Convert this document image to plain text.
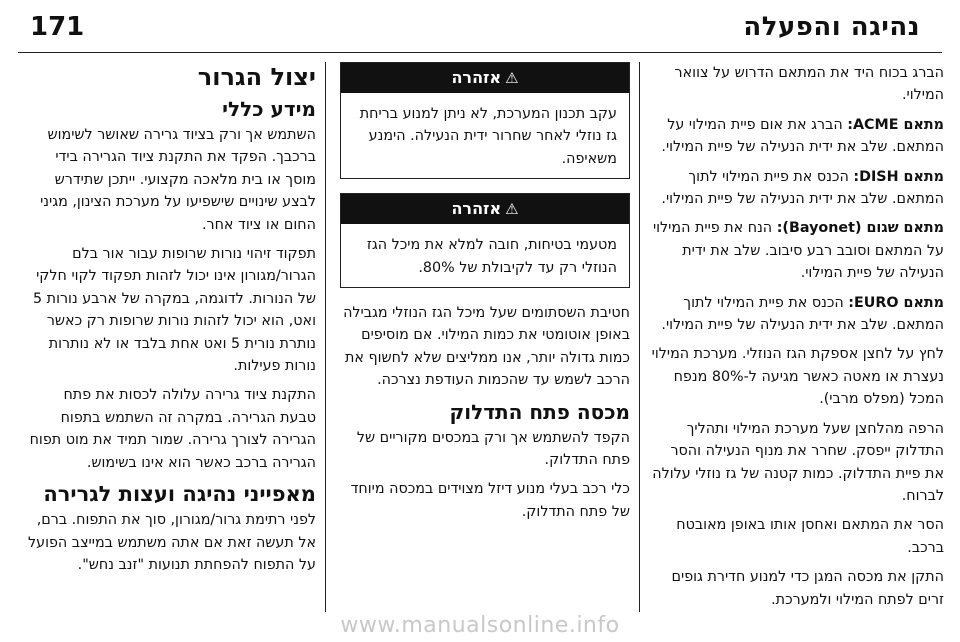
נהיגה והפעלה
171

הברג בכוח היד את המתאם הדרוש על צוואר המילוי.

מתאם ACME: הברג את אום פיית המילוי על המתאם. שלב את ידית הנעילה של פיית המילוי.

מתאם DISH: הכנס את פיית המילוי לתוך המתאם. שלב את ידית הנעילה של פיית המילוי.

מתאם שגום (Bayonet): הנח את פיית המילוי על המתאם וסובב רבע סיבוב. שלב את ידית הנעילה של פיית המילוי.

מתאם EURO: הכנס את פיית המילוי לתוך המתאם. שלב את ידית הנעילה של פיית המילוי.

לחץ על לחצן אספקת הגז הנוזלי. מערכת המילוי נעצרת או מאטה כאשר מגיעה ל-80% מנפח המכל (מפלס מרבי).

הרפה מהלחצן שעל מערכת המילוי ותהליך התדלוק ייפסק. שחרר את מנוף הנעילה והסר את פיית התדלוק. כמות קטנה של גז נוזלי עלולה לברוח.

הסר את המתאם ואחסן אותו באופן מאובטח ברכב.

התקן את מכסה המגן כדי למנוע חדירת גופים זרים לפתח המילוי ולמערכת.

⚠אזהרה
עקב תכנון המערכת, לא ניתן למנוע בריחת גז נוזלי לאחר שחרור ידית הנעילה. הימנע משאיפה.
⚠אזהרה
מטעמי בטיחות, חובה למלא את מיכל הגז הנוזלי רק עד לקיבולת של 80%.

חטיבת השסתומים שעל מיכל הגז הנוזלי מגבילה באופן אוטומטי את כמות המילוי. אם מוסיפים כמות גדולה יותר, אנו ממליצים שלא לחשוף את הרכב לשמש עד שהכמות העודפת נצרכה.

מכסה פתח התדלוק

הקפד להשתמש אך ורק במכסים מקוריים של פתח התדלוק.

כלי רכב בעלי מנוע דיזל מצוידים במכסה מיוחד של פתח התדלוק.

יצול הגרור
מידע כללי

השתמש אך ורק בציוד גרירה שאושר לשימוש ברכבך. הפקד את התקנת ציוד הגרירה בידי מוסך או בית מלאכה מקצועי. ייתכן שתידרש לבצע שינויים שישפיעו על מערכת הצינון, מגיני החום או ציוד אחר.

תפקוד זיהוי נורות שרופות עבור אור בלם הגרור/מגורון אינו יכול לזהות תפקוד לקוי חלקי של הנורות. לדוגמה, במקרה של ארבע נורות 5 ואט, הוא יכול לזהות נורות שרופות רק כאשר נותרת נורית 5 ואט אחת בלבד או לא נותרות נורות פעילות.

התקנת ציוד גרירה עלולה לכסות את פתח טבעת הגרירה. במקרה זה השתמש בתפוח הגרירה לצורך גרירה. שמור תמיד את מוט תפוח הגרירה ברכב כאשר הוא אינו בשימוש.

מאפייני נהיגה ועצות לגרירה

לפני רתימת גרור/מגורון, סוך את התפוח. ברם, אל תעשה זאת אם אתה משתמש במייצב הפועל על התפוח להפחתת תנועות "זנב נחש".

www.manualsonline.info
